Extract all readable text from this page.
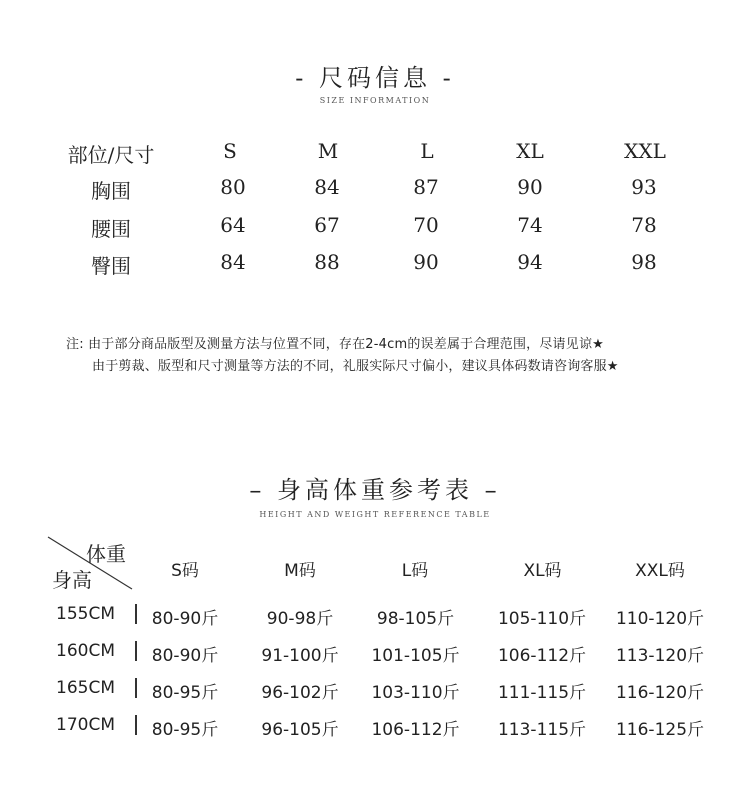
- 尺码信息 -
SIZE INFORMATION
部位/尺寸	S	M	L	XL	XXL
胸围	80	84	87	90	93
腰围	64	67	70	74	78
臀围	84	88	90	94	98
注: 由于部分商品版型及测量方法与位置不同，存在2-4cm的误差属于合理范围，尽请见谅★
由于剪裁、版型和尺寸测量等方法的不同，礼服实际尺寸偏小，建议具体码数请咨询客服★
– 身高体重参考表 –
HEIGHT AND WEIGHT REFERENCE TABLE
体重
身高	S码	M码	L码	XL码	XXL码
155CM	80-90斤	90-98斤	98-105斤	105-110斤	110-120斤
160CM	80-90斤	91-100斤	101-105斤	106-112斤	113-120斤
165CM	80-95斤	96-102斤	103-110斤	111-115斤	116-120斤
170CM	80-95斤	96-105斤	106-112斤	113-115斤	116-125斤
